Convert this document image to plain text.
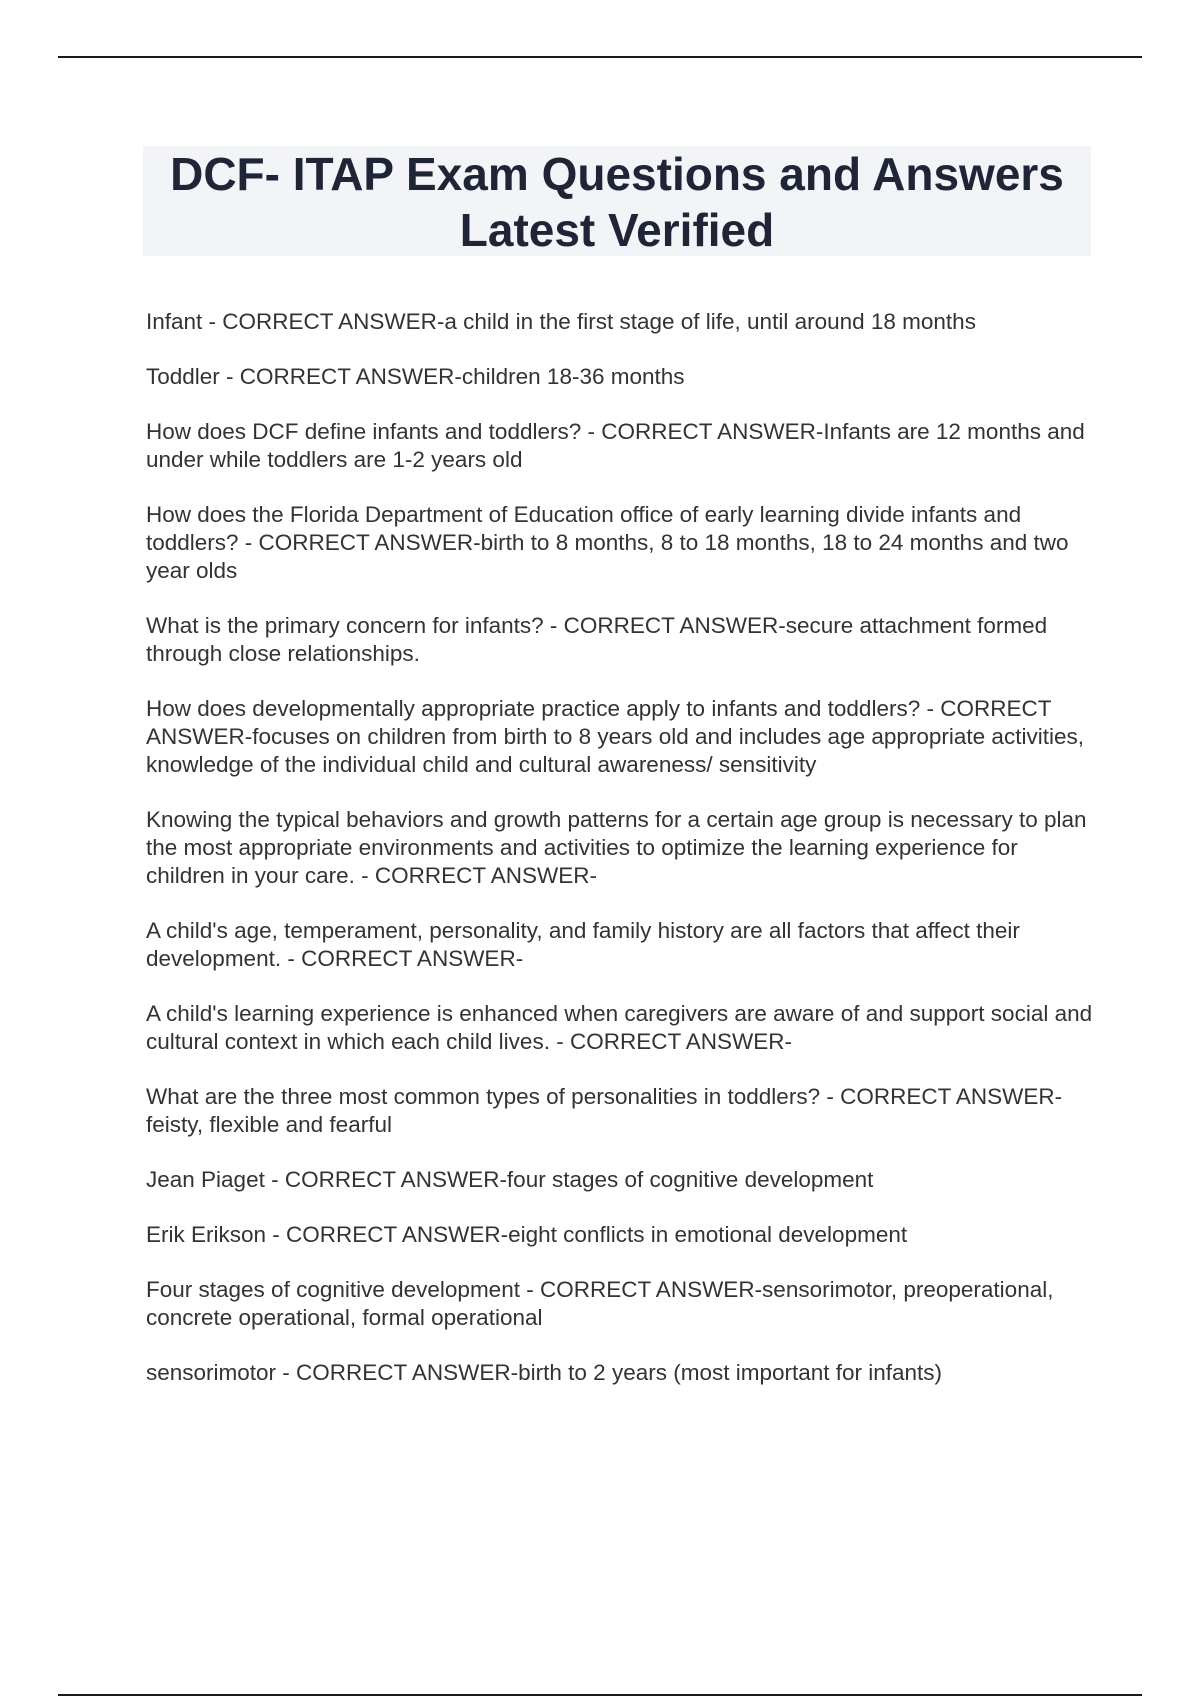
DCF- ITAP Exam Questions and Answers
Latest Verified
Infant - CORRECT ANSWER-a child in the first stage of life, until around 18 months
Toddler - CORRECT ANSWER-children 18-36 months
How does DCF define infants and toddlers? - CORRECT ANSWER-Infants are 12 months and under while toddlers are 1-2 years old
How does the Florida Department of Education office of early learning divide infants and toddlers? - CORRECT ANSWER-birth to 8 months, 8 to 18 months, 18 to 24 months and two year olds
What is the primary concern for infants? - CORRECT ANSWER-secure attachment formed through close relationships.
How does developmentally appropriate practice apply to infants and toddlers? - CORRECT ANSWER-focuses on children from birth to 8 years old and includes age appropriate activities, knowledge of the individual child and cultural awareness/ sensitivity
Knowing the typical behaviors and growth patterns for a certain age group is necessary to plan the most appropriate environments and activities to optimize the learning experience for children in your care. - CORRECT ANSWER-
A child's age, temperament, personality, and family history are all factors that affect their development. - CORRECT ANSWER-
A child's learning experience is enhanced when caregivers are aware of and support social and cultural context in which each child lives. - CORRECT ANSWER-
What are the three most common types of personalities in toddlers? - CORRECT ANSWER-feisty, flexible and fearful
Jean Piaget - CORRECT ANSWER-four stages of cognitive development
Erik Erikson - CORRECT ANSWER-eight conflicts in emotional development
Four stages of cognitive development - CORRECT ANSWER-sensorimotor, preoperational, concrete operational, formal operational
sensorimotor - CORRECT ANSWER-birth to 2 years (most important for infants)
